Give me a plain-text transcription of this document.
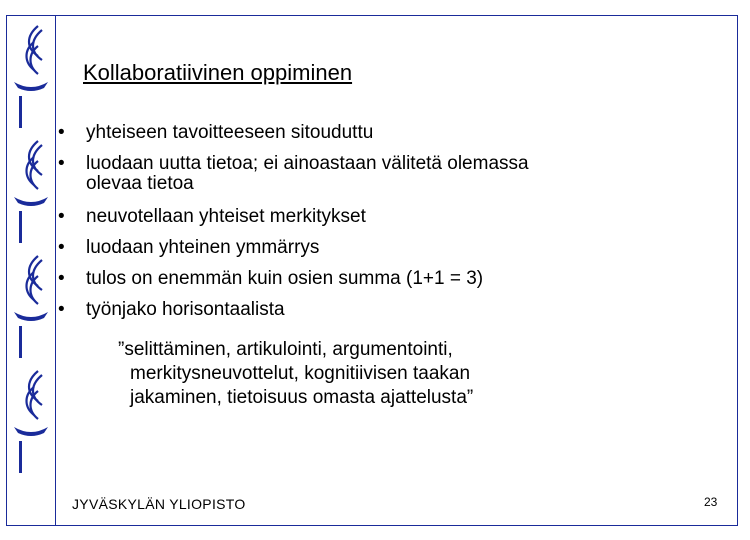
Kollaboratiivinen oppiminen
•	yhteiseen tavoitteeseen sitouduttu
•	luodaan uutta tietoa; ei ainoastaan välitetä olemassa
olevaa tietoa
•	neuvotellaan yhteiset merkitykset
•	luodaan yhteinen ymmärrys
•	tulos on enemmän kuin osien summa (1+1 = 3)
•	työnjako horisontaalista
”selittäminen, artikulointi, argumentointi,
merkitysneuvottelut, kognitiivisen taakan
jakaminen, tietoisuus omasta ajattelusta”
JYVÄSKYLÄN YLIOPISTO	23
